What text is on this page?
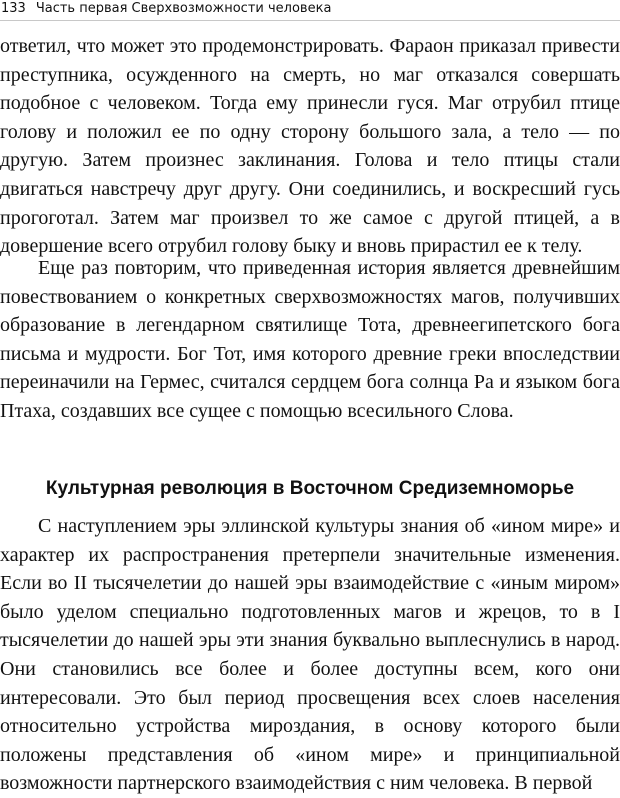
133 Часть первая Сверхвозможности человека

ответил, что может это продемонстрировать. Фараон приказал привести преступника, осужденного на смерть, но маг отказался совершать подобное с человеком. Тогда ему принесли гуся. Маг отрубил птице голову и положил ее по одну сторону большого зала, а тело — по другую. Затем произнес заклинания. Голова и тело птицы стали двигаться навстречу друг другу. Они соединились, и воскресший гусь прогоготал. Затем маг произвел то же самое с другой птицей, а в довершение всего отрубил голову быку и вновь прирастил ее к телу.

Еще раз повторим, что приведенная история является древнейшим повествованием о конкретных сверхвозможностях магов, получивших образование в легендарном святилище Тота, древнеегипетского бога письма и мудрости. Бог Тот, имя которого древние греки впоследствии переиначили на Гермес, считался сердцем бога солнца Ра и языком бога Птаха, создавших все сущее с помощью всесильного Слова.

Культурная революция в Восточном Средиземноморье

С наступлением эры эллинской культуры знания об «ином мире» и характер их распространения претерпели значительные изменения. Если во II тысячелетии до нашей эры взаимодействие с «иным миром» было уделом специально подготовленных магов и жрецов, то в I тысячелетии до нашей эры эти знания буквально выплеснулись в народ. Они становились все более и более доступны всем, кого они интересовали. Это был период просвещения всех слоев населения относительно устройства мироздания, в основу которого были положены представления об «ином мире» и принципиальной возможности партнерского взаимодействия с ним человека. В первой
